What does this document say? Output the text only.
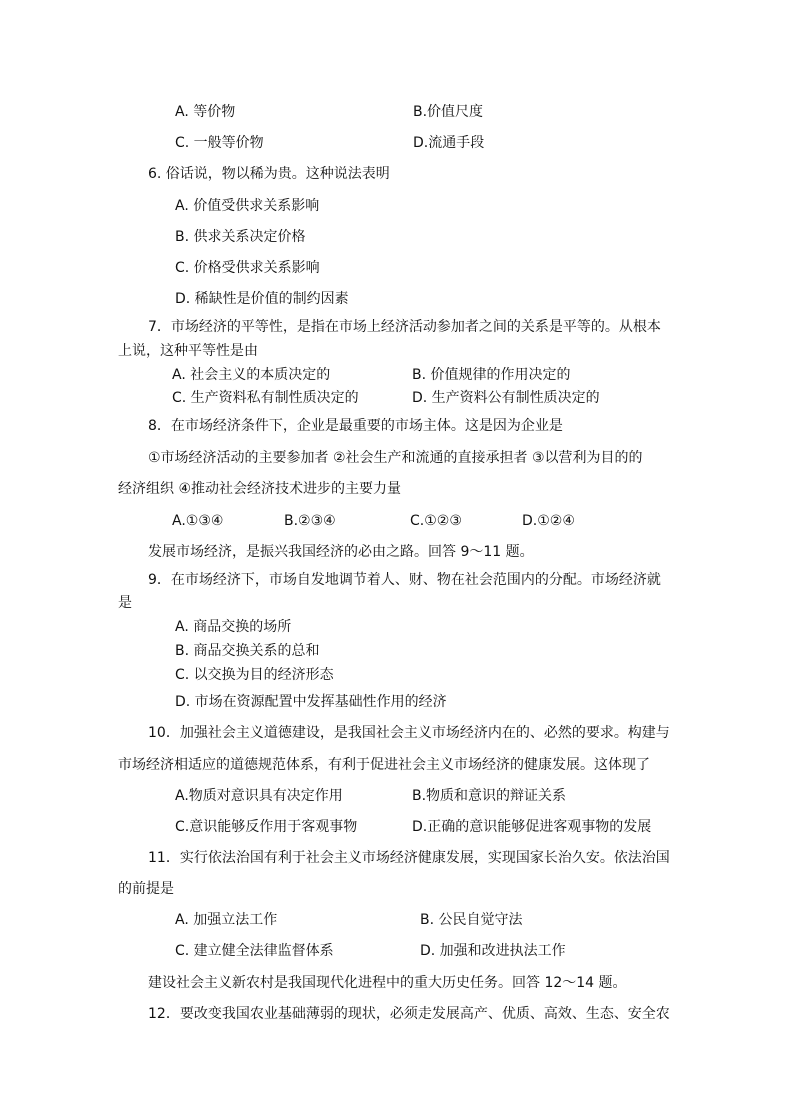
A. 等价物	B.价值尺度
C. 一般等价物	D.流通手段
6. 俗话说，物以稀为贵。这种说法表明
A. 价值受供求关系影响
B. 供求关系决定价格
C. 价格受供求关系影响
D. 稀缺性是价值的制约因素
7．市场经济的平等性，是指在市场上经济活动参加者之间的关系是平等的。从根本
上说，这种平等性是由
A. 社会主义的本质决定的	B. 价值规律的作用决定的
C. 生产资料私有制性质决定的	D. 生产资料公有制性质决定的
8．在市场经济条件下，企业是最重要的市场主体。这是因为企业是
①市场经济活动的主要参加者 ②社会生产和流通的直接承担者 ③以营利为目的的
经济组织 ④推动社会经济技术进步的主要力量
A.①③④	B.②③④	C.①②③	D.①②④
发展市场经济，是振兴我国经济的必由之路。回答 9～11 题。
9．在市场经济下，市场自发地调节着人、财、物在社会范围内的分配。市场经济就
是
A. 商品交换的场所
B. 商品交换关系的总和
C. 以交换为目的经济形态
D. 市场在资源配置中发挥基础性作用的经济
10．加强社会主义道德建设，是我国社会主义市场经济内在的、必然的要求。构建与
市场经济相适应的道德规范体系，有利于促进社会主义市场经济的健康发展。这体现了
A.物质对意识具有决定作用	B.物质和意识的辩证关系
C.意识能够反作用于客观事物	D.正确的意识能够促进客观事物的发展
11．实行依法治国有利于社会主义市场经济健康发展，实现国家长治久安。依法治国
的前提是
A. 加强立法工作	B. 公民自觉守法
C. 建立健全法律监督体系	D. 加强和改进执法工作
建设社会主义新农村是我国现代化进程中的重大历史任务。回答 12～14 题。
12．要改变我国农业基础薄弱的现状，必须走发展高产、优质、高效、生态、安全农
